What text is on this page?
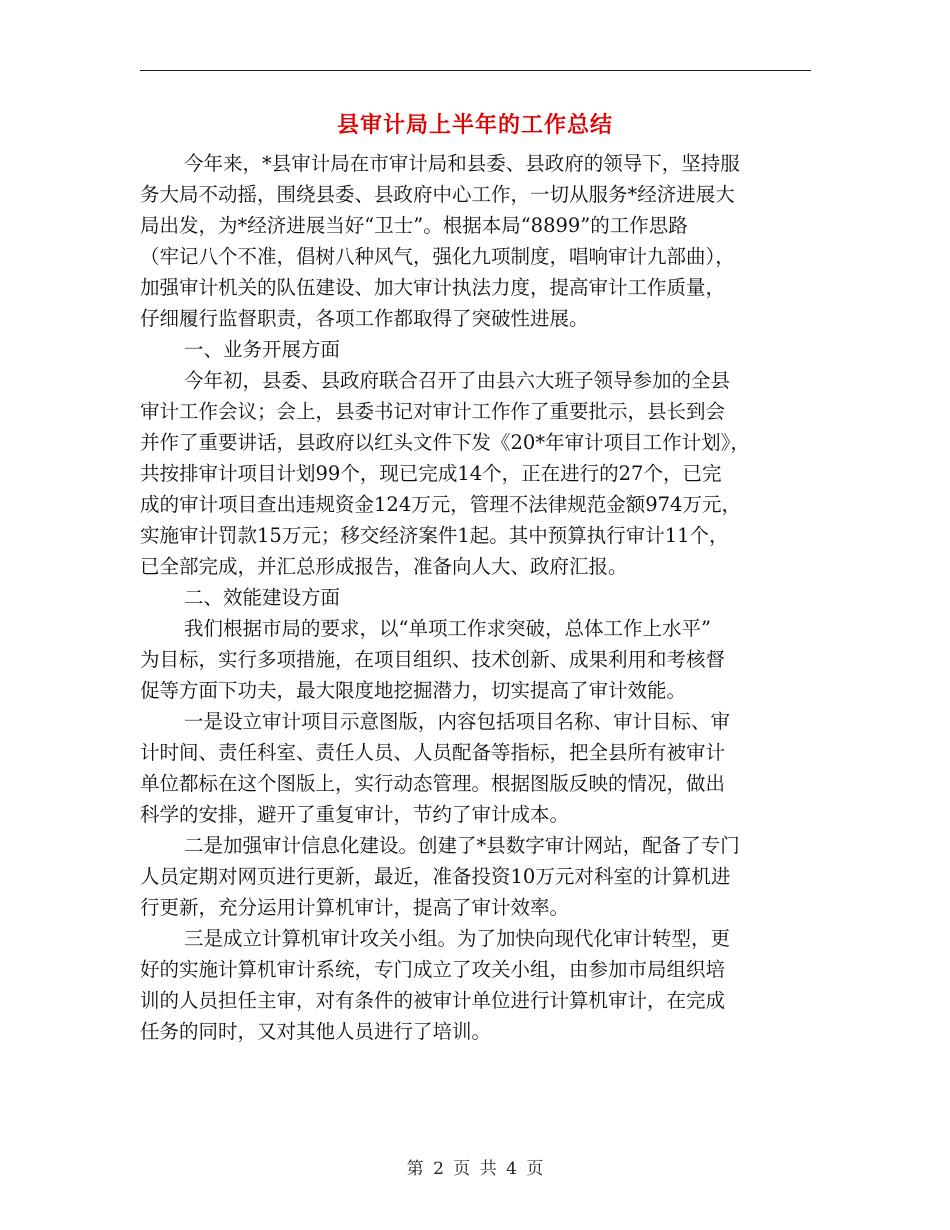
县审计局上半年的工作总结
今年来，*县审计局在市审计局和县委、县政府的领导下，坚持服
务大局不动摇，围绕县委、县政府中心工作，一切从服务*经济进展大
局出发，为*经济进展当好“卫士”。根据本局“8899”的工作思路
（牢记八个不准，倡树八种风气，强化九项制度，唱响审计九部曲），
加强审计机关的队伍建设、加大审计执法力度，提高审计工作质量，
仔细履行监督职责，各项工作都取得了突破性进展。
一、业务开展方面
今年初，县委、县政府联合召开了由县六大班子领导参加的全县
审计工作会议；会上，县委书记对审计工作作了重要批示，县长到会
并作了重要讲话，县政府以红头文件下发《20*年审计项目工作计划》，
共按排审计项目计划99个，现已完成14个，正在进行的27个，已完
成的审计项目查出违规资金124万元，管理不法律规范金额974万元，
实施审计罚款15万元；移交经济案件1起。其中预算执行审计11个，
已全部完成，并汇总形成报告，准备向人大、政府汇报。
二、效能建设方面
我们根据市局的要求，以“单项工作求突破，总体工作上水平”
为目标，实行多项措施，在项目组织、技术创新、成果利用和考核督
促等方面下功夫，最大限度地挖掘潜力，切实提高了审计效能。
一是设立审计项目示意图版，内容包括项目名称、审计目标、审
计时间、责任科室、责任人员、人员配备等指标，把全县所有被审计
单位都标在这个图版上，实行动态管理。根据图版反映的情况，做出
科学的安排，避开了重复审计，节约了审计成本。
二是加强审计信息化建设。创建了*县数字审计网站，配备了专门
人员定期对网页进行更新，最近，准备投资10万元对科室的计算机进
行更新，充分运用计算机审计，提高了审计效率。
三是成立计算机审计攻关小组。为了加快向现代化审计转型，更
好的实施计算机审计系统，专门成立了攻关小组，由参加市局组织培
训的人员担任主审，对有条件的被审计单位进行计算机审计，在完成
任务的同时，又对其他人员进行了培训。
第 2 页 共 4 页
